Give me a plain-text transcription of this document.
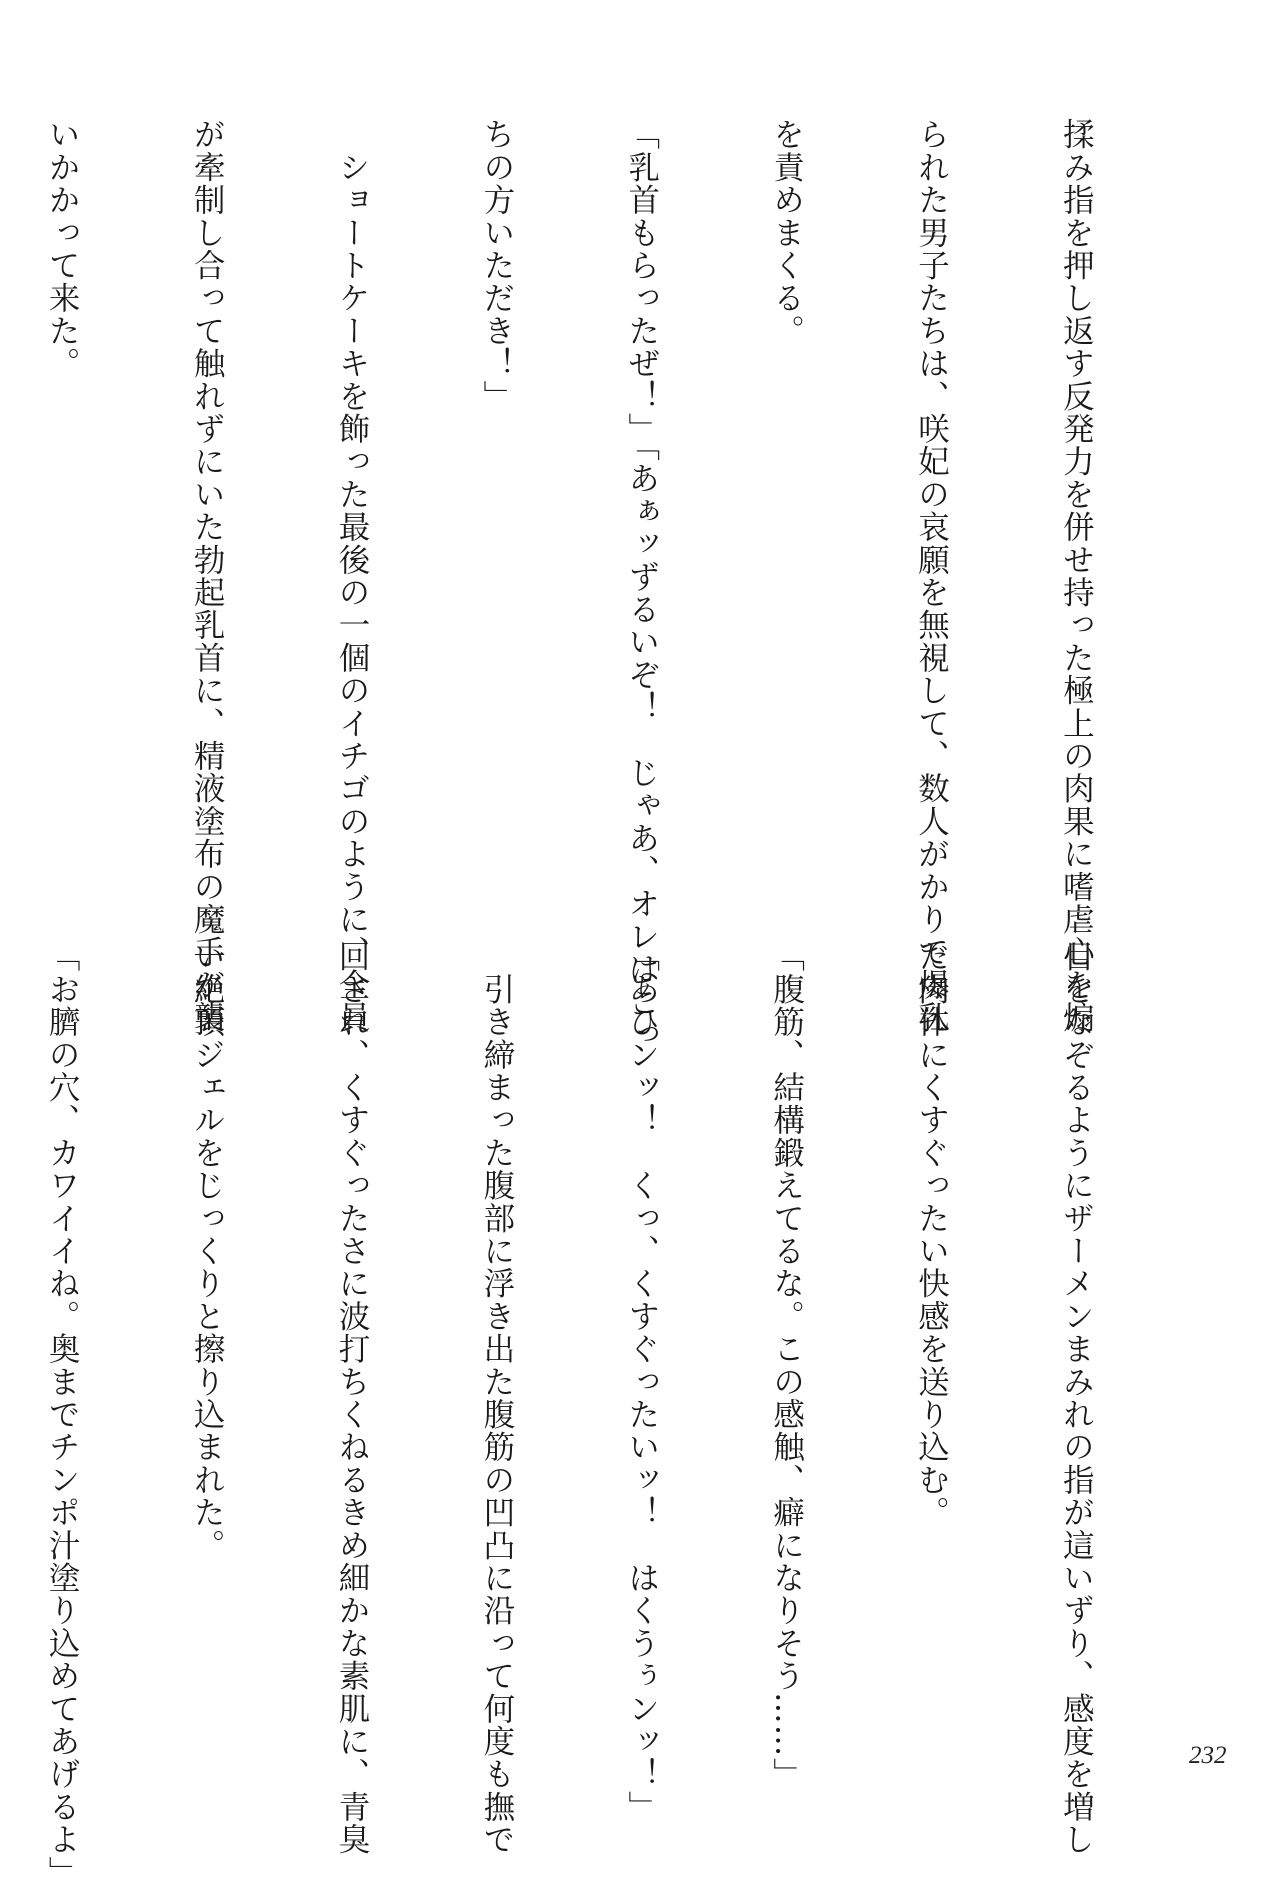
揉み指を押し返す反発力を併せ持った極上の肉果に嗜虐心を煽

られた男子たちは、咲妃の哀願を無視して、数人がかりで爆乳

を責めまくる。

「乳首もらったぜ！」「あぁッずるいぞ！　じゃあ、オレはこっ

ちの方いただき！」

　ショートケーキを飾った最後の一個のイチゴのように、全員

が牽制し合って触れずにいた勃起乳首に、精液塗布の魔手が襲

いかかって来た。

目をなぞるようにザーメンまみれの指が這いずり、感度を増し

た肉体にくすぐったい快感を送り込む。

「腹筋、結構鍛えてるな。この感触、癖になりそう……」

「あひンッ！　くっ、くすぐったいッ！　はくうぅンッ！」

　引き締まった腹部に浮き出た腹筋の凹凸に沿って何度も撫で

回され、くすぐったさに波打ちくねるきめ細かな素肌に、青臭

い絶頂ジェルをじっくりと擦り込まれた。

「お臍の穴、カワイイね。奥までチンポ汁塗り込めてあげるよ」

	232
